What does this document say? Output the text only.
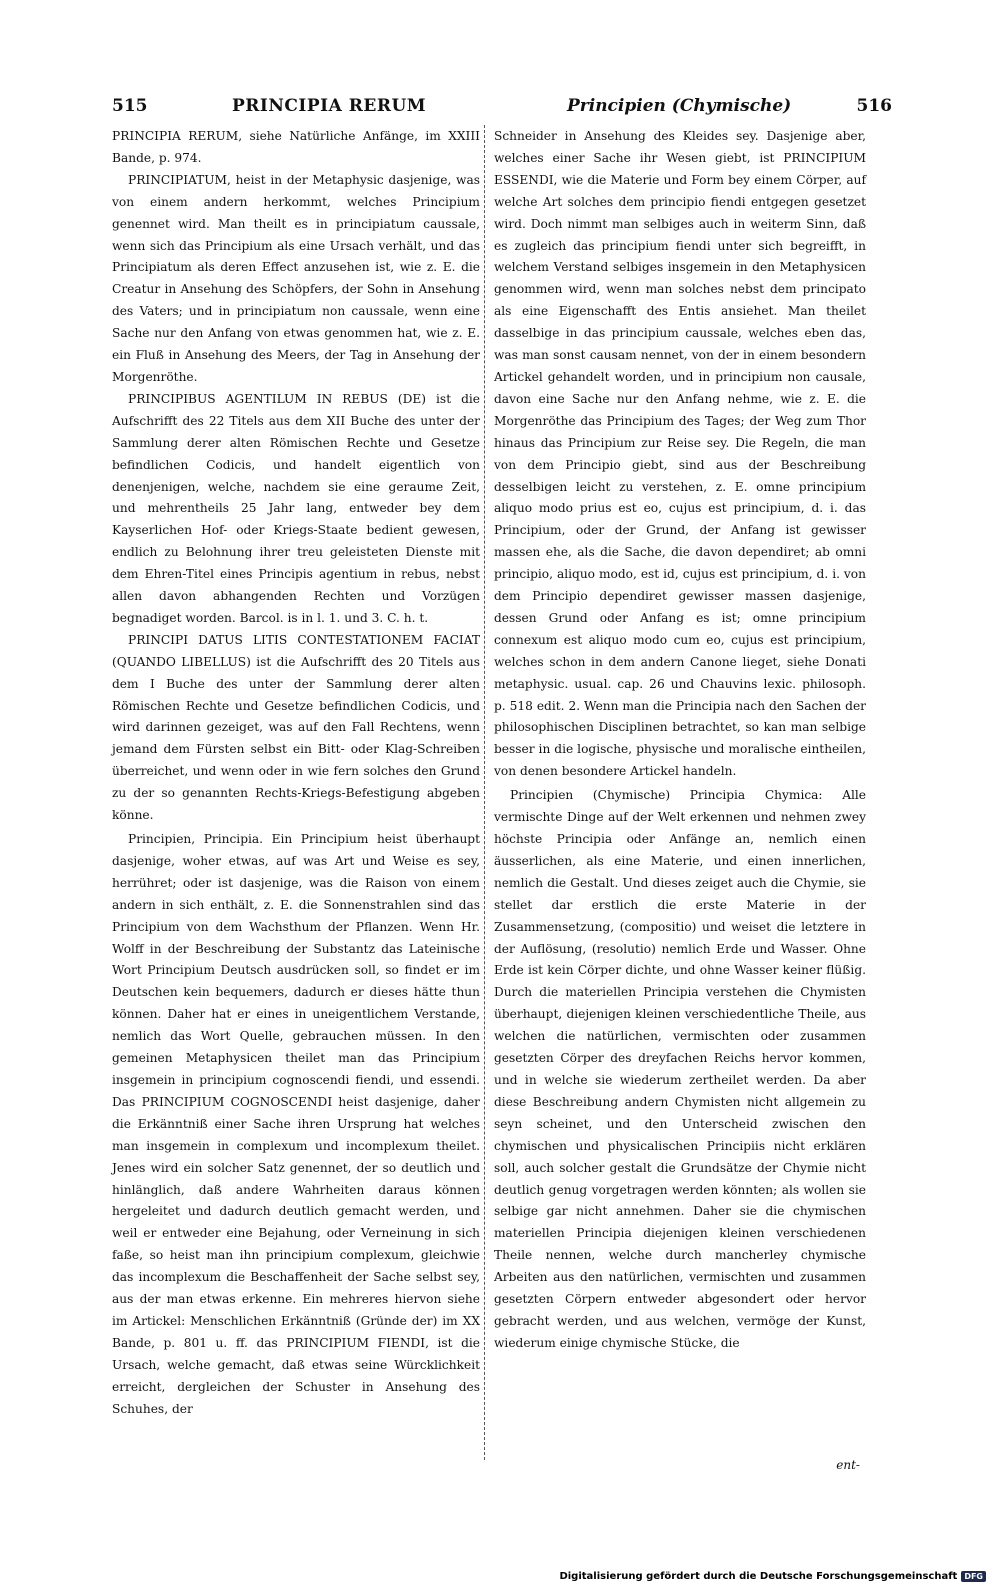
515	PRINCIPIA RERUM	Principien (Chymische)	516

PRINCIPIA RERUM, siehe Natürliche Anfänge, im XXIII Bande, p. 974.

PRINCIPIATUM, heist in der Metaphysic dasjenige, was von einem andern herkommt, welches Principium genennet wird. Man theilt es in principiatum caussale, wenn sich das Principium als eine Ursach verhält, und das Principiatum als deren Effect anzusehen ist, wie z. E. die Creatur in Ansehung des Schöpfers, der Sohn in Ansehung des Vaters; und in principiatum non caussale, wenn eine Sache nur den Anfang von etwas genommen hat, wie z. E. ein Fluß in Ansehung des Meers, der Tag in Ansehung der Morgenröthe.

PRINCIPIBUS AGENTILUM IN REBUS (DE) ist die Aufschrifft des 22 Titels aus dem XII Buche des unter der Sammlung derer alten Römischen Rechte und Gesetze befindlichen Codicis, und handelt eigentlich von denenjenigen, welche, nachdem sie eine geraume Zeit, und mehrentheils 25 Jahr lang, entweder bey dem Kayserlichen Hof- oder Kriegs-Staate bedient gewesen, endlich zu Belohnung ihrer treu geleisteten Dienste mit dem Ehren-Titel eines Principis agentium in rebus, nebst allen davon abhangenden Rechten und Vorzügen begnadiget worden. Barcol. is in l. 1. und 3. C. h. t.

PRINCIPI DATUS LITIS CONTESTATIONEM FACIAT (QUANDO LIBELLUS) ist die Aufschrifft des 20 Titels aus dem I Buche des unter der Sammlung derer alten Römischen Rechte und Gesetze befindlichen Codicis, und wird darinnen gezeiget, was auf den Fall Rechtens, wenn jemand dem Fürsten selbst ein Bitt- oder Klag-Schreiben überreichet, und wenn oder in wie fern solches den Grund zu der so genannten Rechts-Kriegs-Befestigung abgeben könne.

Principien, Principia. Ein Principium heist überhaupt dasjenige, woher etwas, auf was Art und Weise es sey, herrühret; oder ist dasjenige, was die Raison von einem andern in sich enthält, z. E. die Sonnenstrahlen sind das Principium von dem Wachsthum der Pflanzen. Wenn Hr. Wolff in der Beschreibung der Substantz das Lateinische Wort Principium Deutsch ausdrücken soll, so findet er im Deutschen kein bequemers, dadurch er dieses hätte thun können. Daher hat er eines in uneigentlichem Verstande, nemlich das Wort Quelle, gebrauchen müssen. In den gemeinen Metaphysicen theilet man das Principium insgemein in principium cognoscendi fiendi, und essendi. Das PRINCIPIUM COGNOSCENDI heist dasjenige, daher die Erkänntniß einer Sache ihren Ursprung hat welches man insgemein in complexum und incomplexum theilet. Jenes wird ein solcher Satz genennet, der so deutlich und hinlänglich, daß andere Wahrheiten daraus können hergeleitet und dadurch deutlich gemacht werden, und weil er entweder eine Bejahung, oder Verneinung in sich faße, so heist man ihn principium complexum, gleichwie das incomplexum die Beschaffenheit der Sache selbst sey, aus der man etwas erkenne. Ein mehreres hiervon siehe im Artickel: Menschlichen Erkänntniß (Gründe der) im XX Bande, p. 801 u. ff. das PRINCIPIUM FIENDI, ist die Ursach, welche gemacht, daß etwas seine Würcklichkeit erreicht, dergleichen der Schuster in Ansehung des Schuhes, der

Schneider in Ansehung des Kleides sey. Dasjenige aber, welches einer Sache ihr Wesen giebt, ist PRINCIPIUM ESSENDI, wie die Materie und Form bey einem Cörper, auf welche Art solches dem principio fiendi entgegen gesetzet wird. Doch nimmt man selbiges auch in weiterm Sinn, daß es zugleich das principium fiendi unter sich begreifft, in welchem Verstand selbiges insgemein in den Metaphysicen genommen wird, wenn man solches nebst dem principato als eine Eigenschafft des Entis ansiehet. Man theilet dasselbige in das principium caussale, welches eben das, was man sonst causam nennet, von der in einem besondern Artickel gehandelt worden, und in principium non causale, davon eine Sache nur den Anfang nehme, wie z. E. die Morgenröthe das Principium des Tages; der Weg zum Thor hinaus das Principium zur Reise sey. Die Regeln, die man von dem Principio giebt, sind aus der Beschreibung desselbigen leicht zu verstehen, z. E. omne principium aliquo modo prius est eo, cujus est principium, d. i. das Principium, oder der Grund, der Anfang ist gewisser massen ehe, als die Sache, die davon dependiret; ab omni principio, aliquo modo, est id, cujus est principium, d. i. von dem Principio dependiret gewisser massen dasjenige, dessen Grund oder Anfang es ist; omne principium connexum est aliquo modo cum eo, cujus est principium, welches schon in dem andern Canone lieget, siehe Donati metaphysic. usual. cap. 26 und Chauvins lexic. philosoph. p. 518 edit. 2. Wenn man die Principia nach den Sachen der philosophischen Disciplinen betrachtet, so kan man selbige besser in die logische, physische und moralische eintheilen, von denen besondere Artickel handeln.

Principien (Chymische) Principia Chymica: Alle vermischte Dinge auf der Welt erkennen und nehmen zwey höchste Principia oder Anfänge an, nemlich einen äusserlichen, als eine Materie, und einen innerlichen, nemlich die Gestalt. Und dieses zeiget auch die Chymie, sie stellet dar erstlich die erste Materie in der Zusammensetzung, (compositio) und weiset die letztere in der Auflösung, (resolutio) nemlich Erde und Wasser. Ohne Erde ist kein Cörper dichte, und ohne Wasser keiner flüßig. Durch die materiellen Principia verstehen die Chymisten überhaupt, diejenigen kleinen verschiedentliche Theile, aus welchen die natürlichen, vermischten oder zusammen gesetzten Cörper des dreyfachen Reichs hervor kommen, und in welche sie wiederum zertheilet werden. Da aber diese Beschreibung andern Chymisten nicht allgemein zu seyn scheinet, und den Unterscheid zwischen den chymischen und physicalischen Principiis nicht erklären soll, auch solcher gestalt die Grundsätze der Chymie nicht deutlich genug vorgetragen werden könnten; als wollen sie selbige gar nicht annehmen. Daher sie die chymischen materiellen Principia diejenigen kleinen verschiedenen Theile nennen, welche durch mancherley chymische Arbeiten aus den natürlichen, vermischten und zusammen gesetzten Cörpern entweder abgesondert oder hervor gebracht werden, und aus welchen, vermöge der Kunst, wiederum einige chymische Stücke, die

ent-
Digitalisierung gefördert durch die Deutsche Forschungsgemeinschaft DFG
